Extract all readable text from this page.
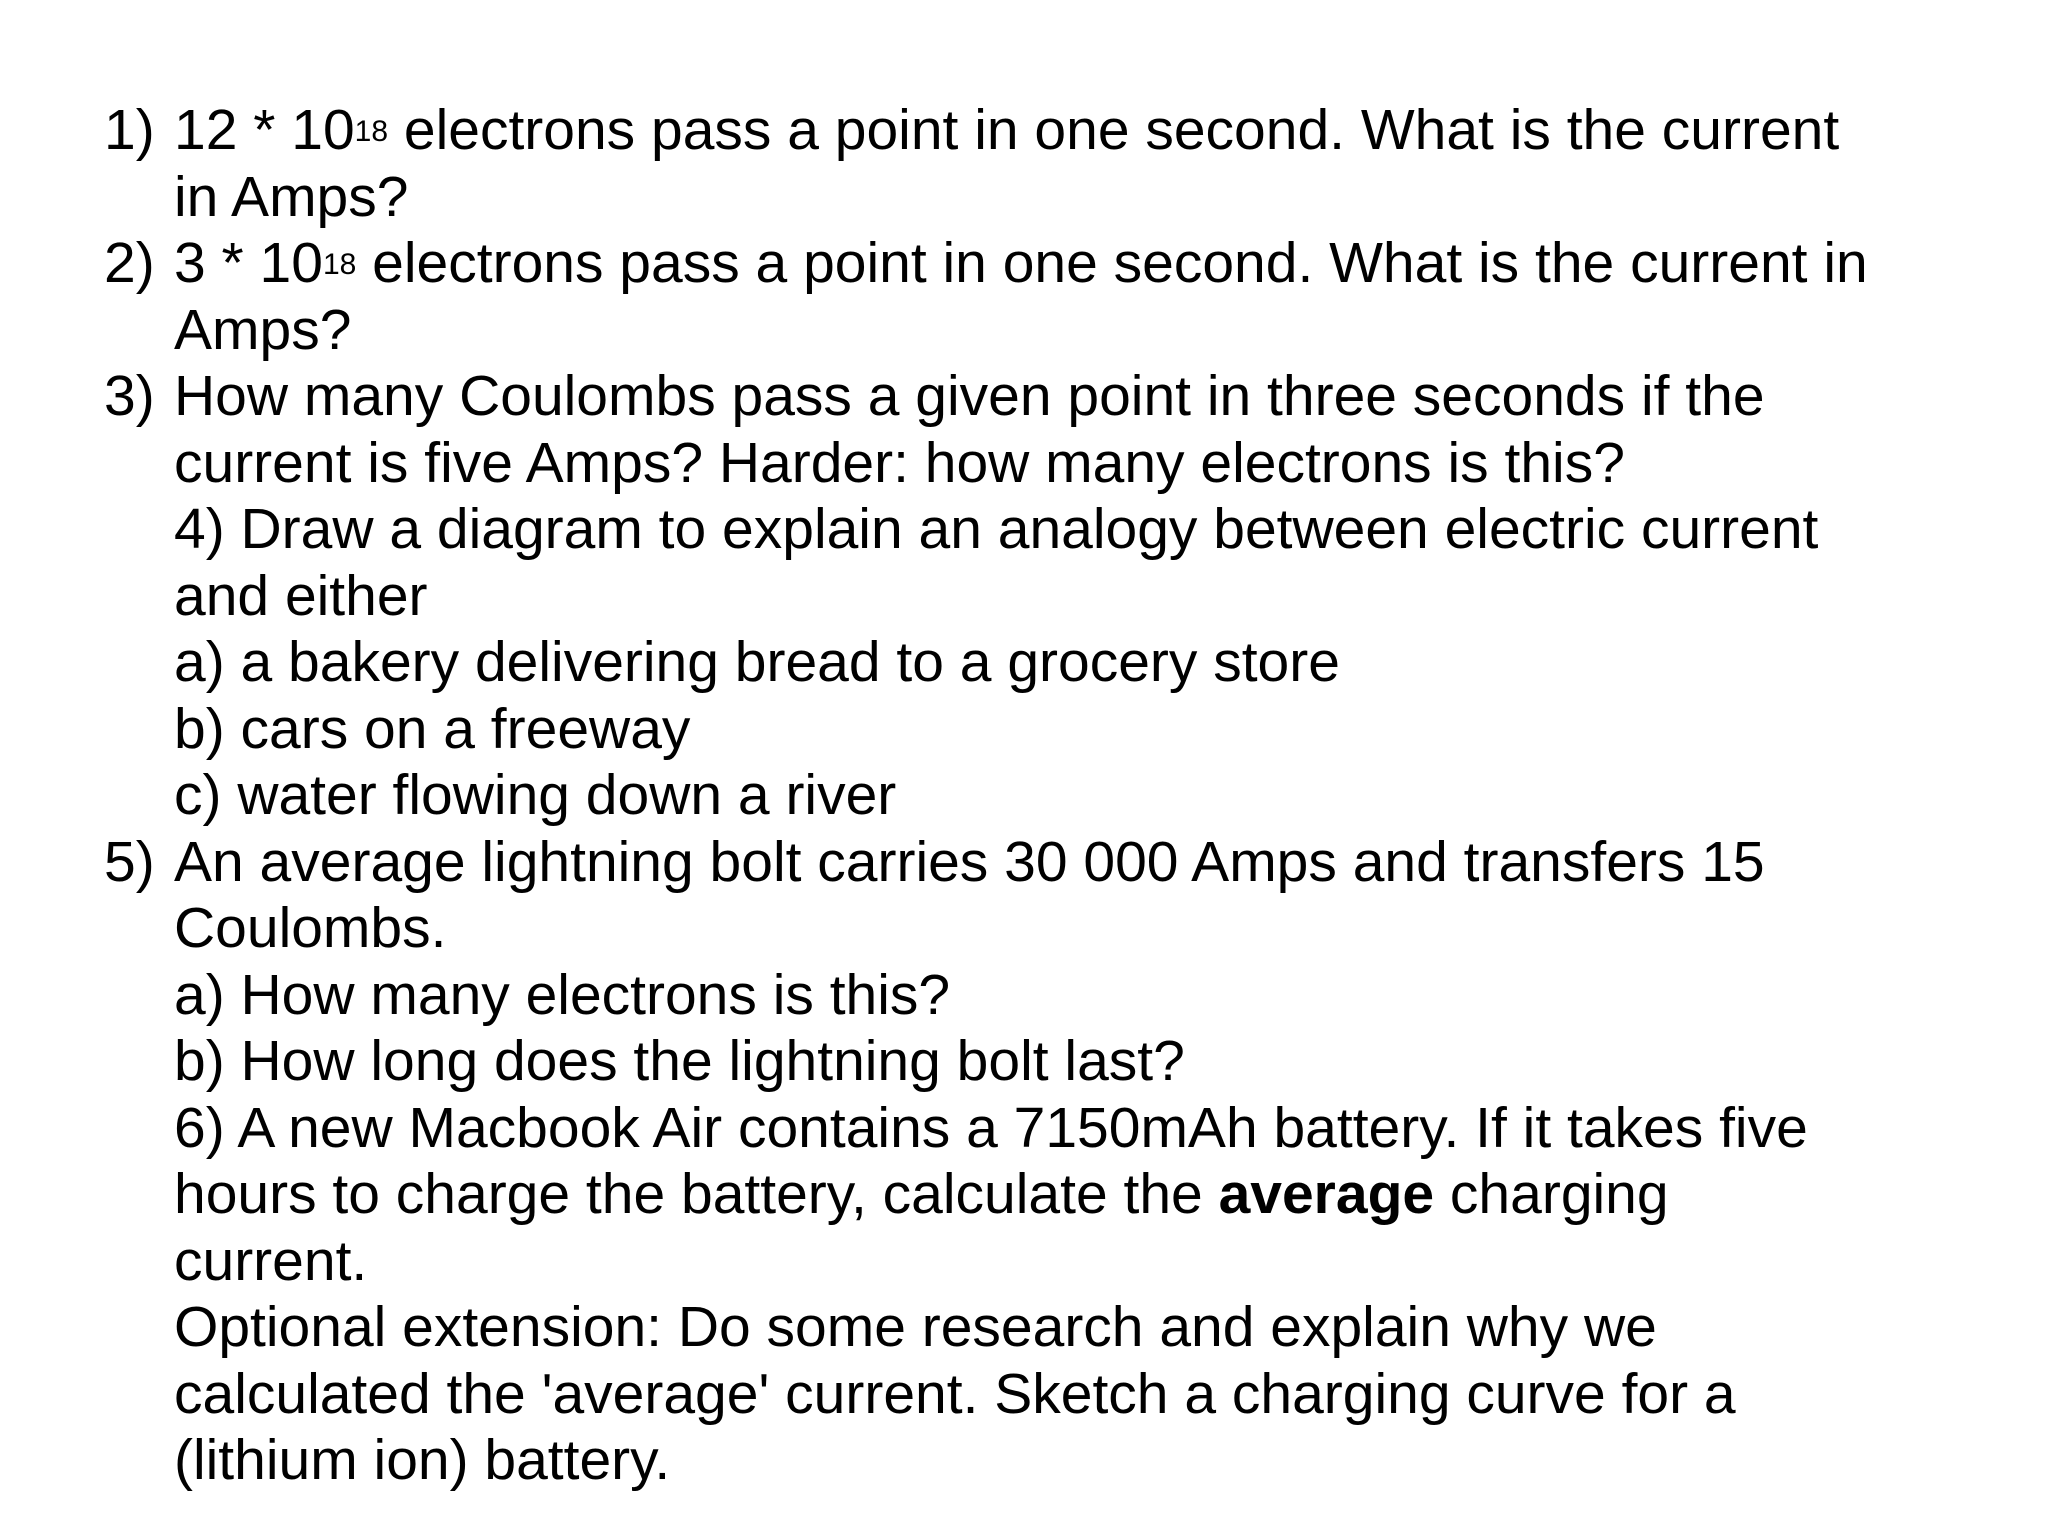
1) $12 * 10^{18}$ electrons pass a point in one second. What is the current
in Amps?
2) $3 * 10^{18}$ electrons pass a point in one second. What is the current in
Amps?
3) How many Coulombs pass a given point in three seconds if the
current is five Amps? Harder: how many electrons is this?
4) Draw a diagram to explain an analogy between electric current
and either
a) a bakery delivering bread to a grocery store
b) cars on a freeway
c) water flowing down a river
5) An average lightning bolt carries 30 000 Amps and transfers 15
Coulombs.
a) How many electrons is this?
b) How long does the lightning bolt last?
6) A new Macbook Air contains a 7150mAh battery. If it takes five
hours to charge the battery, calculate the average charging
current.
Optional extension: Do some research and explain why we
calculated the 'average' current. Sketch a charging curve for a
(lithium ion) battery.
